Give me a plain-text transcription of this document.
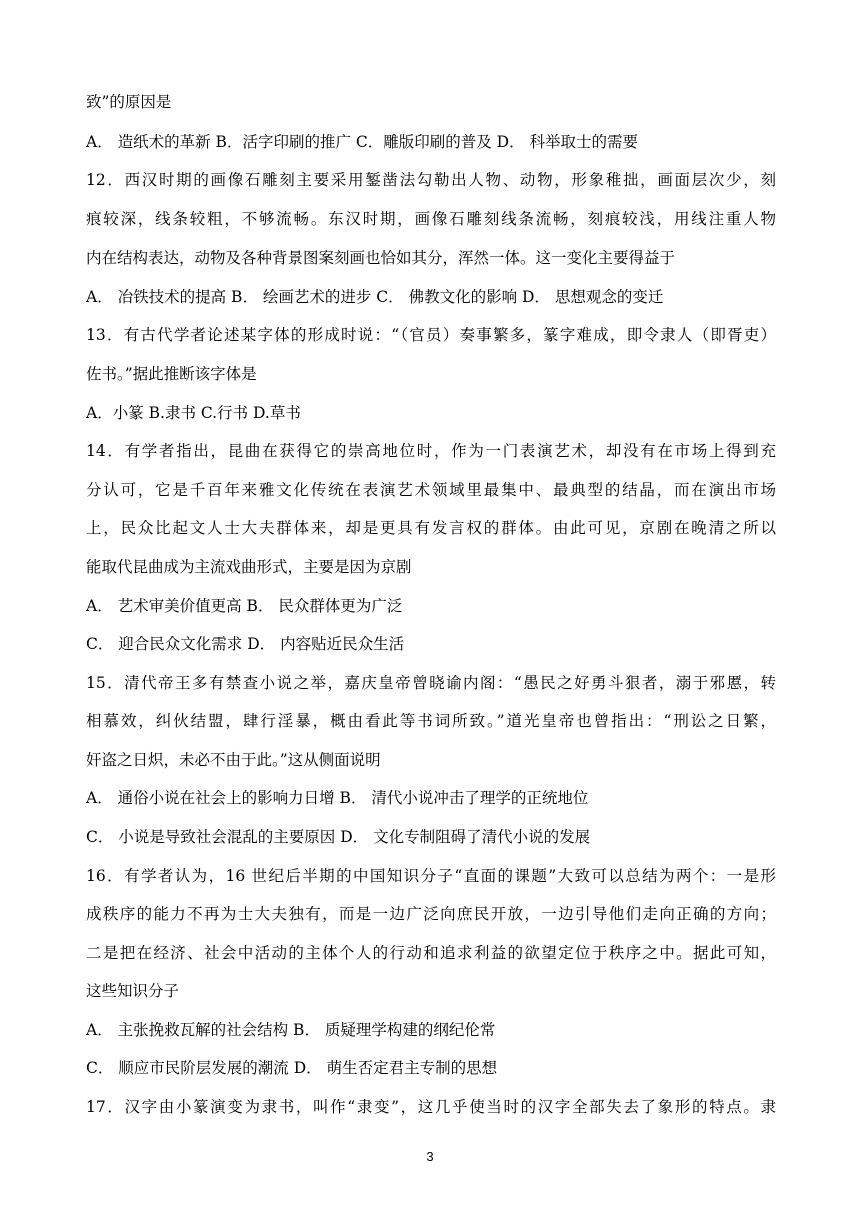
致”的原因是
A． 造纸术的革新 B．活字印刷的推广 C．雕版印刷的普及 D． 科举取士的需要
12．西汉时期的画像石雕刻主要采用錾凿法勾勒出人物、动物，形象稚拙，画面层次少，刻
痕较深，线条较粗，不够流畅。东汉时期，画像石雕刻线条流畅，刻痕较浅，用线注重人物
内在结构表达，动物及各种背景图案刻画也恰如其分，浑然一体。这一变化主要得益于
A． 冶铁技术的提高 B． 绘画艺术的进步 C． 佛教文化的影响 D． 思想观念的变迁
13．有古代学者论述某字体的形成时说：“（官员）奏事繁多，篆字难成，即令隶人（即胥吏）
佐书。”据此推断该字体是
A．小篆 B.隶书 C.行书 D.草书
14．有学者指出，昆曲在获得它的崇高地位时，作为一门表演艺术，却没有在市场上得到充
分认可，它是千百年来雅文化传统在表演艺术领域里最集中、最典型的结晶，而在演出市场
上，民众比起文人士大夫群体来，却是更具有发言权的群体。由此可见，京剧在晚清之所以
能取代昆曲成为主流戏曲形式，主要是因为京剧
A． 艺术审美价值更高 B． 民众群体更为广泛
C． 迎合民众文化需求 D． 内容贴近民众生活
15．清代帝王多有禁查小说之举，嘉庆皇帝曾晓谕内阁：“愚民之好勇斗狠者，溺于邪慝，转
相慕效，纠伙结盟，肆行淫暴，概由看此等书词所致。”道光皇帝也曾指出：“刑讼之日繁，
奸盗之日炽，未必不由于此。”这从侧面说明
A． 通俗小说在社会上的影响力日增 B． 清代小说冲击了理学的正统地位
C． 小说是导致社会混乱的主要原因 D． 文化专制阻碍了清代小说的发展
16．有学者认为，16 世纪后半期的中国知识分子“直面的课题”大致可以总结为两个：一是形
成秩序的能力不再为士大夫独有，而是一边广泛向庶民开放，一边引导他们走向正确的方向；
二是把在经济、社会中活动的主体个人的行动和追求利益的欲望定位于秩序之中。据此可知，
这些知识分子
A． 主张挽救瓦解的社会结构 B． 质疑理学构建的纲纪伦常
C． 顺应市民阶层发展的潮流 D． 萌生否定君主专制的思想
17．汉字由小篆演变为隶书，叫作“隶变”，这几乎使当时的汉字全部失去了象形的特点。隶
3
